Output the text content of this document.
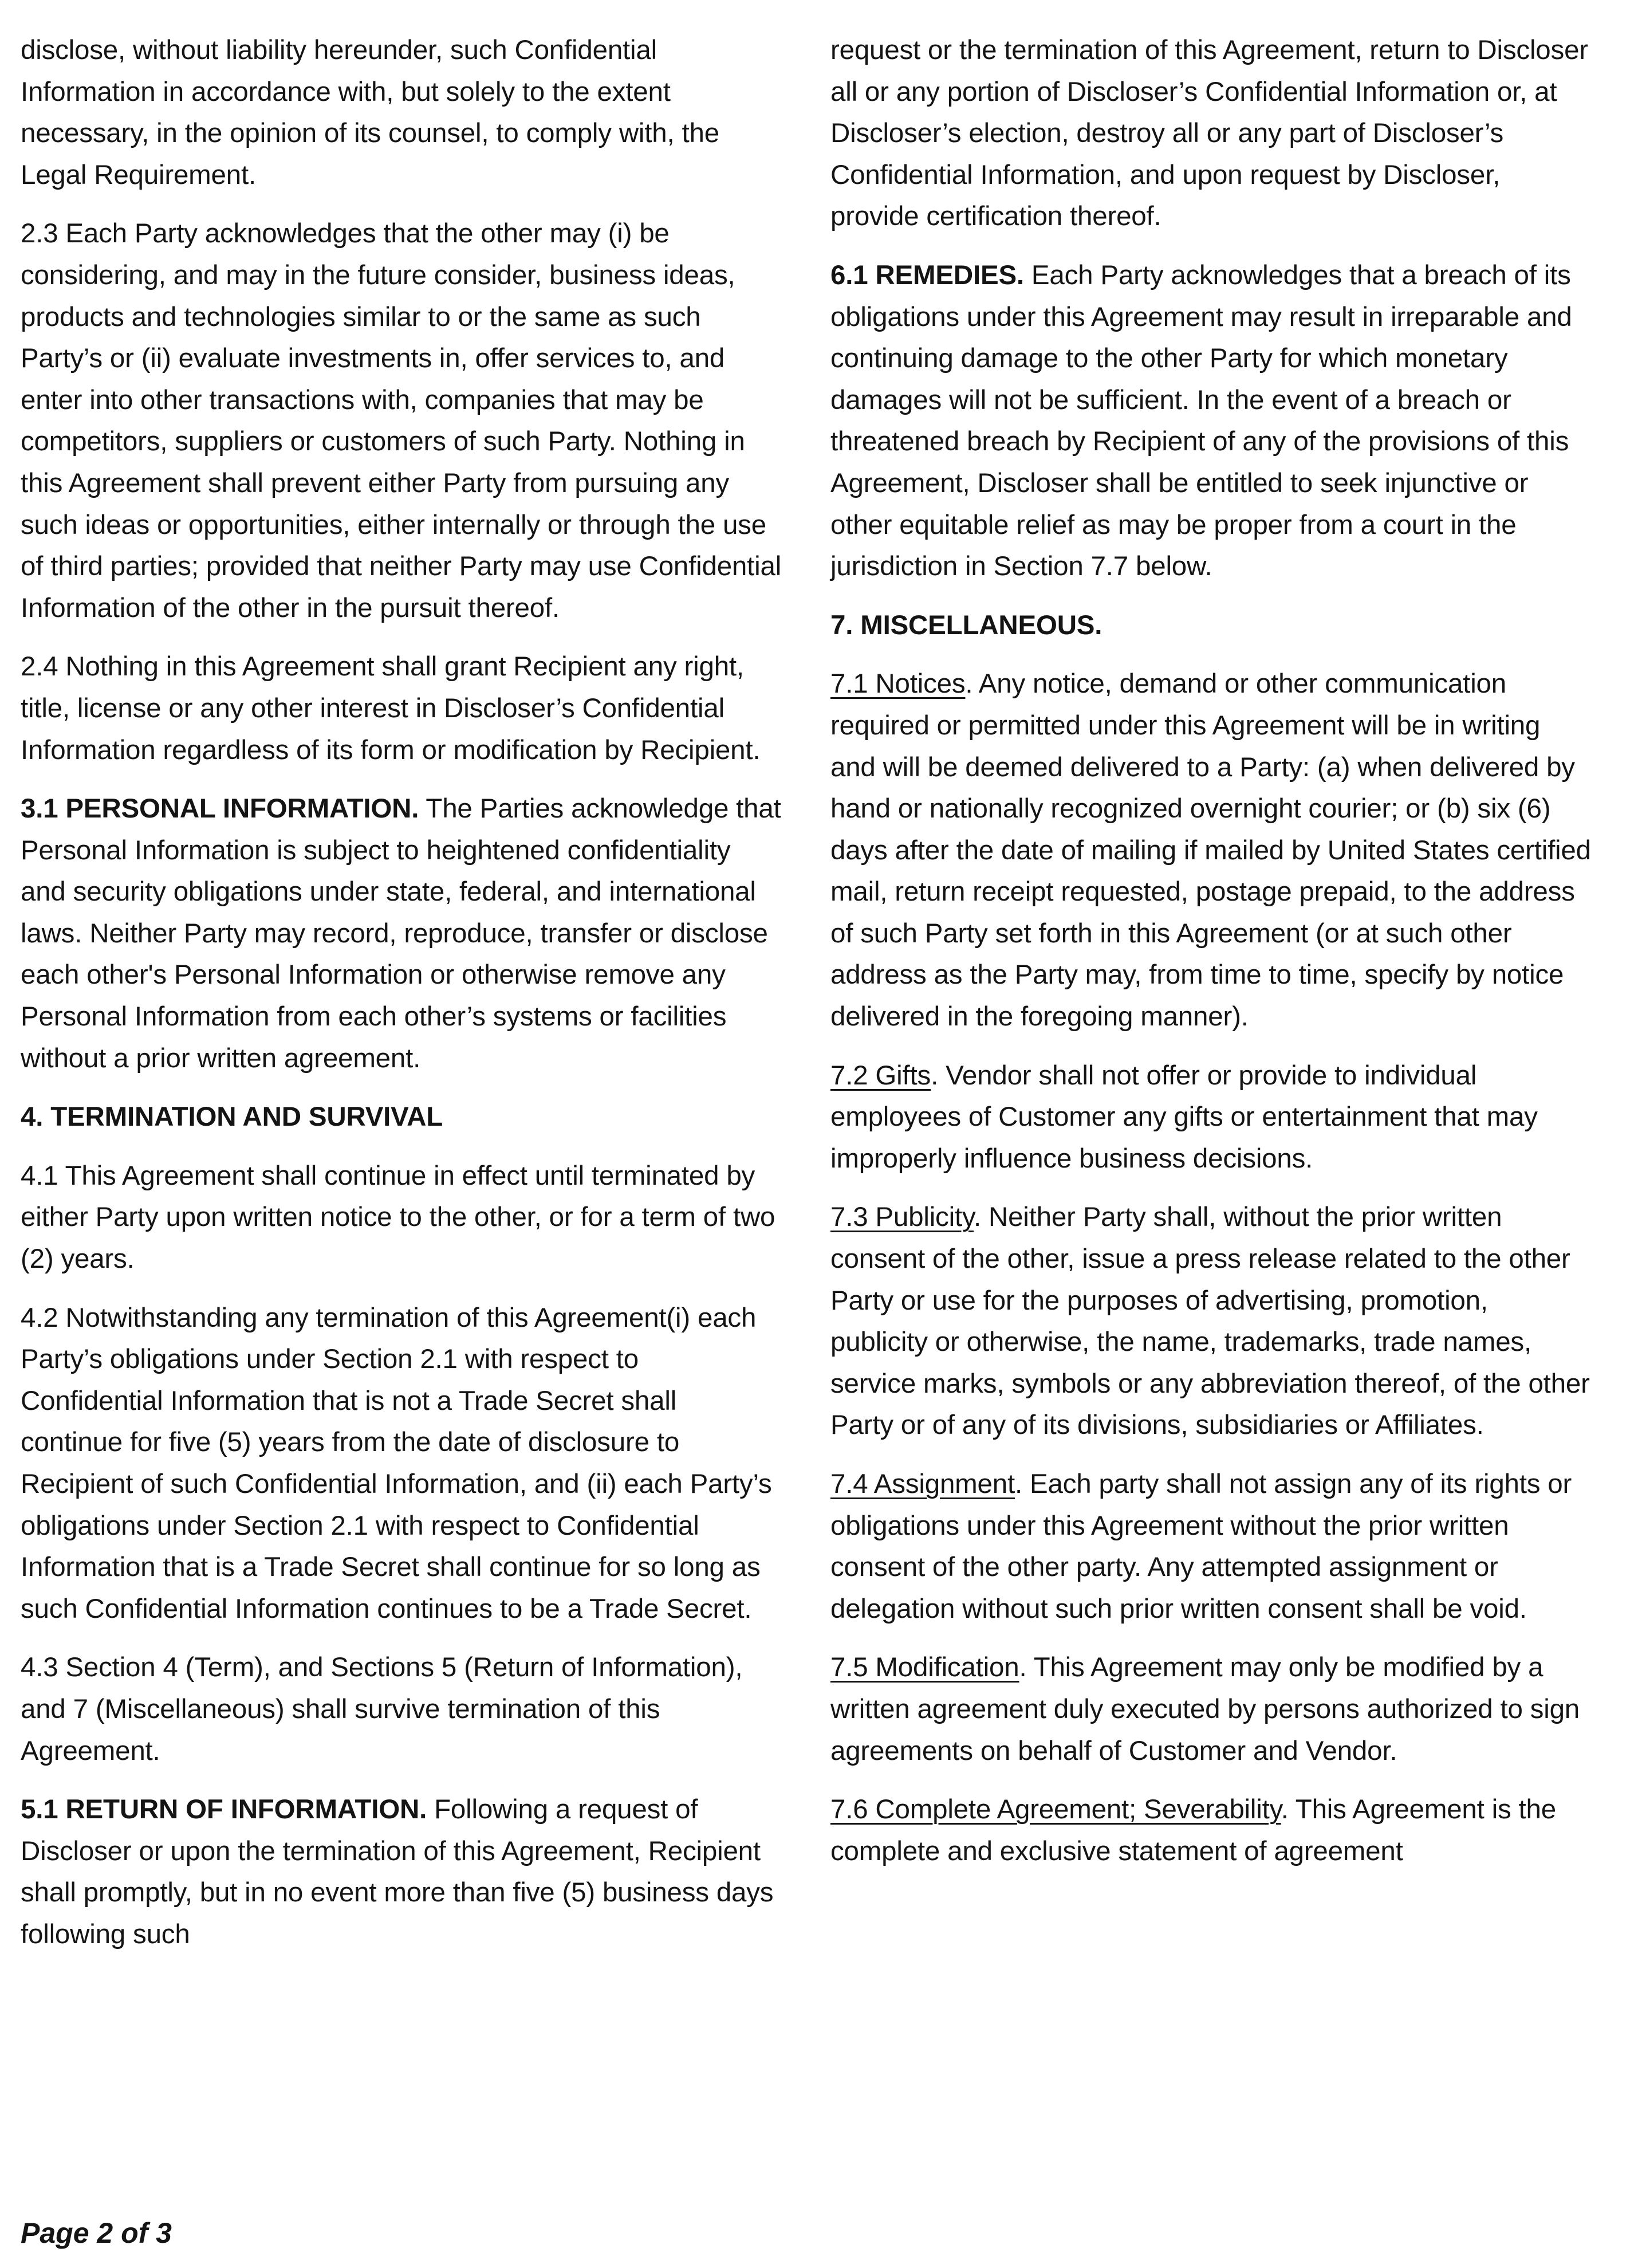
disclose, without liability hereunder, such Confidential Information in accordance with, but solely to the extent necessary, in the opinion of its counsel, to comply with, the Legal Requirement.

2.3 Each Party acknowledges that the other may (i) be considering, and may in the future consider, business ideas, products and technologies similar to or the same as such Party’s or (ii) evaluate investments in, offer services to, and enter into other transactions with, companies that may be competitors, suppliers or customers of such Party. Nothing in this Agreement shall prevent either Party from pursuing any such ideas or opportunities, either internally or through the use of third parties; provided that neither Party may use Confidential Information of the other in the pursuit thereof.

2.4 Nothing in this Agreement shall grant Recipient any right, title, license or any other interest in Discloser’s Confidential Information regardless of its form or modification by Recipient.

3.1 PERSONAL INFORMATION. The Parties acknowledge that Personal Information is subject to heightened confidentiality and security obligations under state, federal, and international laws. Neither Party may record, reproduce, transfer or disclose each other's Personal Information or otherwise remove any Personal Information from each other’s systems or facilities without a prior written agreement.

4. TERMINATION AND SURVIVAL

4.1 This Agreement shall continue in effect until terminated by either Party upon written notice to the other, or for a term of two (2) years.

4.2 Notwithstanding any termination of this Agreement(i) each Party’s obligations under Section 2.1 with respect to Confidential Information that is not a Trade Secret shall continue for five (5) years from the date of disclosure to Recipient of such Confidential Information, and (ii) each Party’s obligations under Section 2.1 with respect to Confidential Information that is a Trade Secret shall continue for so long as such Confidential Information continues to be a Trade Secret.

4.3 Section 4 (Term), and Sections 5 (Return of Information), and 7 (Miscellaneous) shall survive termination of this Agreement.

5.1 RETURN OF INFORMATION. Following a request of Discloser or upon the termination of this Agreement, Recipient shall promptly, but in no event more than five (5) business days following such

request or the termination of this Agreement, return to Discloser all or any portion of Discloser’s Confidential Information or, at Discloser’s election, destroy all or any part of Discloser’s Confidential Information, and upon request by Discloser, provide certification thereof.

6.1 REMEDIES. Each Party acknowledges that a breach of its obligations under this Agreement may result in irreparable and continuing damage to the other Party for which monetary damages will not be sufficient. In the event of a breach or threatened breach by Recipient of any of the provisions of this Agreement, Discloser shall be entitled to seek injunctive or other equitable relief as may be proper from a court in the jurisdiction in Section 7.7 below.

7. MISCELLANEOUS.

7.1 Notices. Any notice, demand or other communication required or permitted under this Agreement will be in writing and will be deemed delivered to a Party: (a) when delivered by hand or nationally recognized overnight courier; or (b) six (6) days after the date of mailing if mailed by United States certified mail, return receipt requested, postage prepaid, to the address of such Party set forth in this Agreement (or at such other address as the Party may, from time to time, specify by notice delivered in the foregoing manner).

7.2 Gifts. Vendor shall not offer or provide to individual employees of Customer any gifts or entertainment that may improperly influence business decisions.

7.3 Publicity. Neither Party shall, without the prior written consent of the other, issue a press release related to the other Party or use for the purposes of advertising, promotion, publicity or otherwise, the name, trademarks, trade names, service marks, symbols or any abbreviation thereof, of the other Party or of any of its divisions, subsidiaries or Affiliates.

7.4 Assignment. Each party shall not assign any of its rights or obligations under this Agreement without the prior written consent of the other party. Any attempted assignment or delegation without such prior written consent shall be void.

7.5 Modification. This Agreement may only be modified by a written agreement duly executed by persons authorized to sign agreements on behalf of Customer and Vendor.

7.6 Complete Agreement; Severability. This Agreement is the complete and exclusive statement of agreement

Page 2 of 3
